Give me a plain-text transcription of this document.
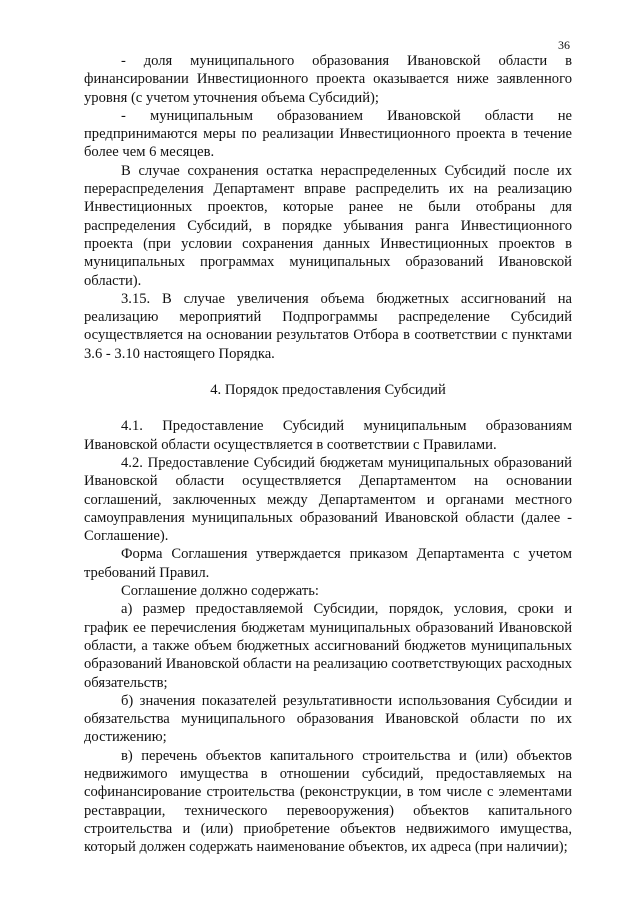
36

- доля муниципального образования Ивановской области в финансировании Инвестиционного проекта оказывается ниже заявленного уровня (с учетом уточнения объема Субсидий);

- муниципальным образованием Ивановской области не предпринимаются меры по реализации Инвестиционного проекта в течение более чем 6 месяцев.

В случае сохранения остатка нераспределенных Субсидий после их перераспределения Департамент вправе распределить их на реализацию Инвестиционных проектов, которые ранее не были отобраны для распределения Субсидий, в порядке убывания ранга Инвестиционного проекта (при условии сохранения данных Инвестиционных проектов в муниципальных программах муниципальных образований Ивановской области).

3.15. В случае увеличения объема бюджетных ассигнований на реализацию мероприятий Подпрограммы распределение Субсидий осуществляется на основании результатов Отбора в соответствии с пунктами 3.6 - 3.10 настоящего Порядка.

4. Порядок предоставления Субсидий

4.1. Предоставление Субсидий муниципальным образованиям Ивановской области осуществляется в соответствии с Правилами.

4.2. Предоставление Субсидий бюджетам муниципальных образований Ивановской области осуществляется Департаментом на основании соглашений, заключенных между Департаментом и органами местного самоуправления муниципальных образований Ивановской области (далее - Соглашение).

Форма Соглашения утверждается приказом Департамента с учетом требований Правил.

Соглашение должно содержать:

а) размер предоставляемой Субсидии, порядок, условия, сроки и график ее перечисления бюджетам муниципальных образований Ивановской области, а также объем бюджетных ассигнований бюджетов муниципальных образований Ивановской области на реализацию соответствующих расходных обязательств;

б) значения показателей результативности использования Субсидии и обязательства муниципального образования Ивановской области по их достижению;

в) перечень объектов капитального строительства и (или) объектов недвижимого имущества в отношении субсидий, предоставляемых на софинансирование строительства (реконструкции, в том числе с элементами реставрации, технического перевооружения) объектов капитального строительства и (или) приобретение объектов недвижимого имущества, который должен содержать наименование объектов, их адреса (при наличии);
